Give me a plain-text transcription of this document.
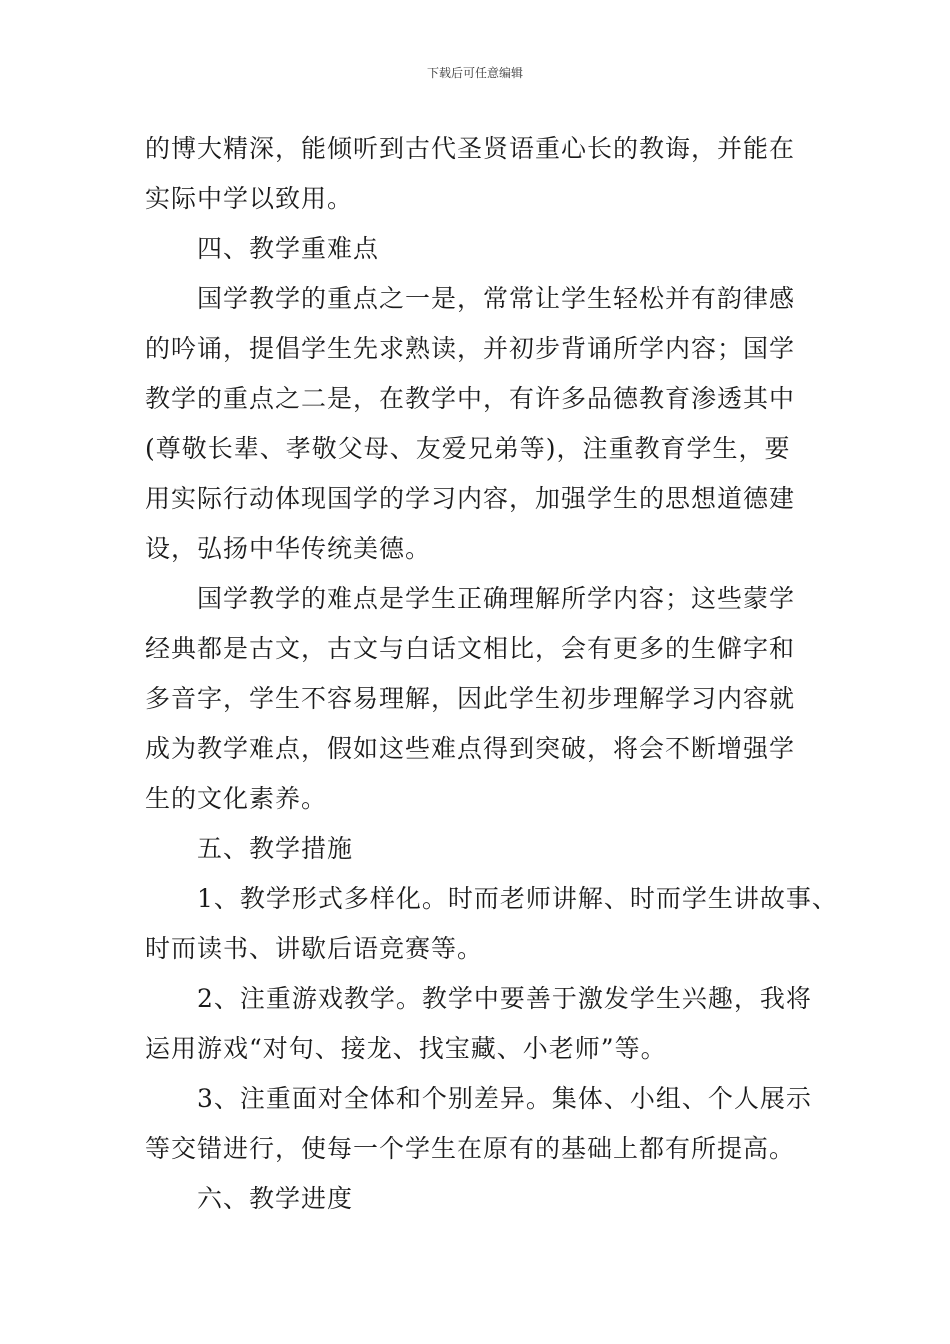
下载后可任意编辑
的博大精深，能倾听到古代圣贤语重心长的教诲，并能在
实际中学以致用。
四、教学重难点
国学教学的重点之一是，常常让学生轻松并有韵律感
的吟诵，提倡学生先求熟读，并初步背诵所学内容；国学
教学的重点之二是，在教学中，有许多品德教育渗透其中
(尊敬长辈、孝敬父母、友爱兄弟等)，注重教育学生，要
用实际行动体现国学的学习内容，加强学生的思想道德建
设，弘扬中华传统美德。
国学教学的难点是学生正确理解所学内容；这些蒙学
经典都是古文，古文与白话文相比，会有更多的生僻字和
多音字，学生不容易理解，因此学生初步理解学习内容就
成为教学难点，假如这些难点得到突破，将会不断增强学
生的文化素养。
五、教学措施
1、教学形式多样化。时而老师讲解、时而学生讲故事、
时而读书、讲歇后语竞赛等。
2、注重游戏教学。教学中要善于激发学生兴趣，我将
运用游戏“对句、接龙、找宝藏、小老师”等。
3、注重面对全体和个别差异。集体、小组、个人展示
等交错进行，使每一个学生在原有的基础上都有所提高。
六、教学进度
